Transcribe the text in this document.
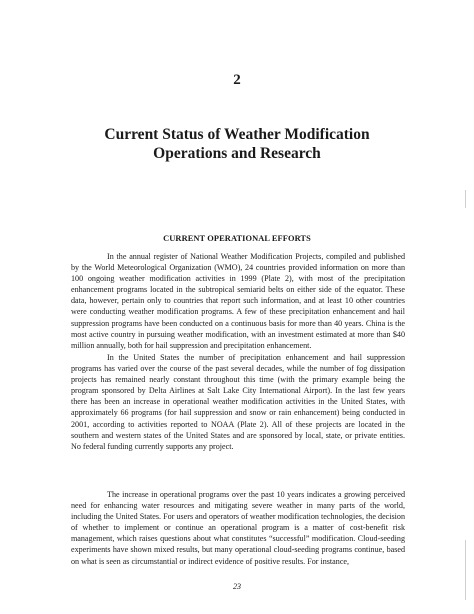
2
Current Status of Weather Modification
Operations and Research
CURRENT OPERATIONAL EFFORTS

In the annual register of National Weather Modification Projects, compiled and published by the World Meteorological Organization (WMO), 24 countries provided information on more than 100 ongoing weather modification activities in 1999 (Plate 2), with most of the precipitation enhancement programs located in the subtropical semiarid belts on either side of the equator. These data, however, pertain only to countries that report such information, and at least 10 other countries were conducting weather modification programs. A few of these precipitation enhancement and hail suppression programs have been conducted on a continuous basis for more than 40 years. China is the most active country in pursuing weather modification, with an investment estimated at more than $40 million annually, both for hail suppression and precipitation enhancement.

In the United States the number of precipitation enhancement and hail suppression programs has varied over the course of the past several decades, while the number of fog dissipation projects has remained nearly constant throughout this time (with the primary example being the program sponsored by Delta Airlines at Salt Lake City International Airport). In the last few years there has been an increase in operational weather modification activities in the United States, with approximately 66 programs (for hail suppression and snow or rain enhancement) being conducted in 2001, according to activities reported to NOAA (Plate 2). All of these projects are located in the southern and western states of the United States and are sponsored by local, state, or private entities. No federal funding currently supports any project.

The increase in operational programs over the past 10 years indicates a growing perceived need for enhancing water resources and mitigating severe weather in many parts of the world, including the United States. For users and operators of weather modification technologies, the decision of whether to implement or continue an operational program is a matter of cost-benefit risk management, which raises questions about what constitutes “successful” modification. Cloud-seeding experiments have shown mixed results, but many operational cloud-seeding programs continue, based on what is seen as circumstantial or indirect evidence of positive results. For instance,

23
